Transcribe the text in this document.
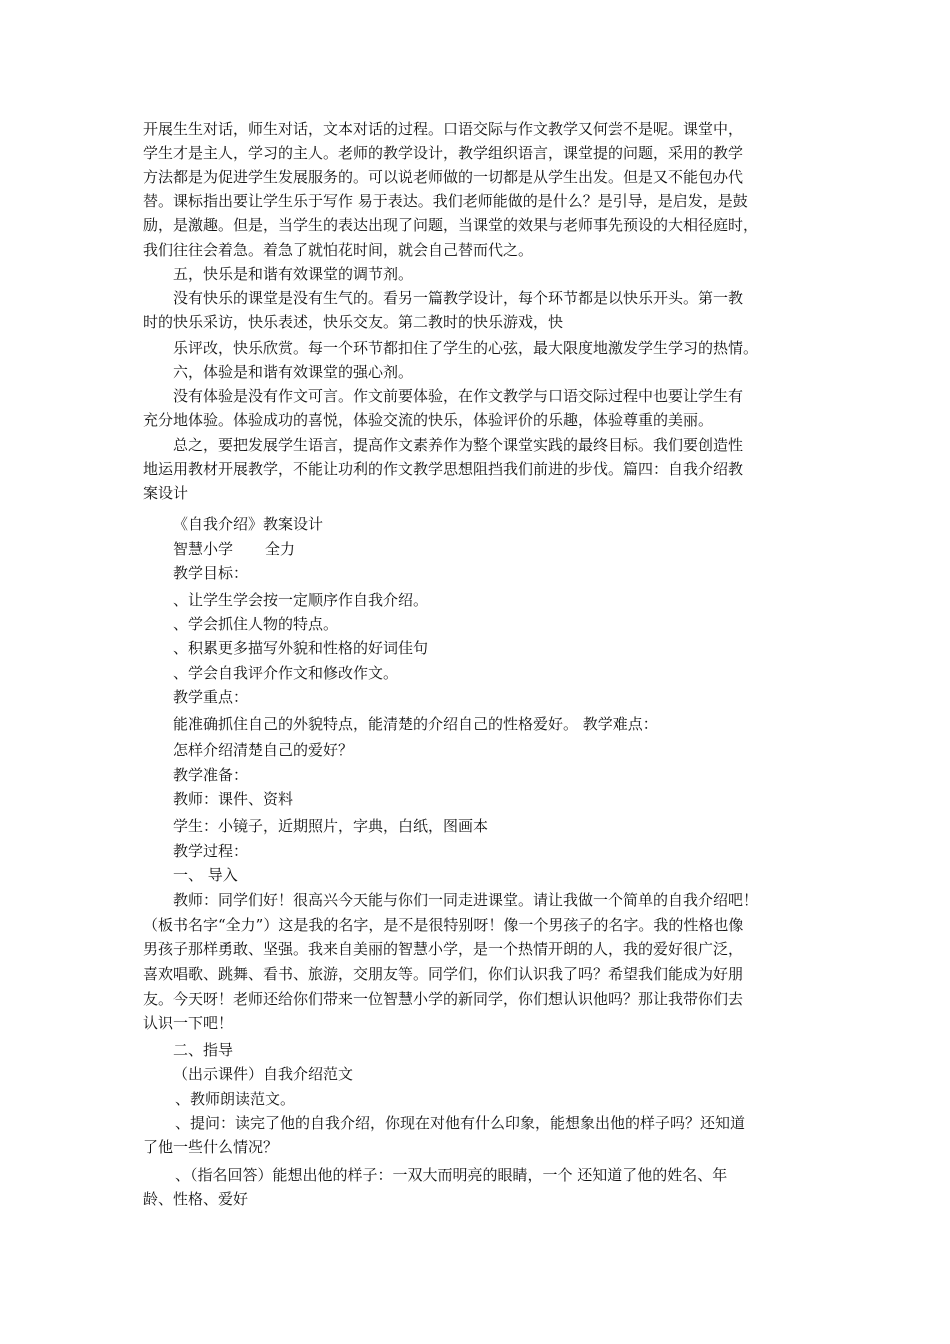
开展生生对话，师生对话，文本对话的过程。口语交际与作文教学又何尝不是呢。课堂中，
学生才是主人，学习的主人。老师的教学设计，教学组织语言，课堂提的问题，采用的教学
方法都是为促进学生发展服务的。可以说老师做的一切都是从学生出发。但是又不能包办代
替。课标指出要让学生乐于写作 易于表达。我们老师能做的是什么？是引导，是启发，是鼓
励，是激趣。但是，当学生的表达出现了问题，当课堂的效果与老师事先预设的大相径庭时，
我们往往会着急。着急了就怕花时间，就会自己替而代之。
五，快乐是和谐有效课堂的调节剂。
没有快乐的课堂是没有生气的。看另一篇教学设计，每个环节都是以快乐开头。第一教
时的快乐采访，快乐表述，快乐交友。第二教时的快乐游戏，快
乐评改，快乐欣赏。每一个环节都扣住了学生的心弦，最大限度地激发学生学习的热情。
六，体验是和谐有效课堂的强心剂。
没有体验是没有作文可言。作文前要体验，在作文教学与口语交际过程中也要让学生有
充分地体验。体验成功的喜悦，体验交流的快乐，体验评价的乐趣，体验尊重的美丽。
总之，要把发展学生语言，提高作文素养作为整个课堂实践的最终目标。我们要创造性
地运用教材开展教学，不能让功利的作文教学思想阻挡我们前进的步伐。篇四：自我介绍教
案设计
《自我介绍》教案设计
智慧小学 全力
教学目标：
、让学生学会按一定顺序作自我介绍。
、学会抓住人物的特点。
、积累更多描写外貌和性格的好词佳句
、学会自我评介作文和修改作文。
教学重点：
能准确抓住自己的外貌特点，能清楚的介绍自己的性格爱好。 教学难点：
怎样介绍清楚自己的爱好？
教学准备：
教师：课件、资料
学生：小镜子，近期照片，字典，白纸，图画本
教学过程：
一、 导入
教师：同学们好！很高兴今天能与你们一同走进课堂。请让我做一个简单的自我介绍吧！
（板书名字“全力”）这是我的名字，是不是很特别呀！像一个男孩子的名字。我的性格也像
男孩子那样勇敢、坚强。我来自美丽的智慧小学，是一个热情开朗的人，我的爱好很广泛，
喜欢唱歌、跳舞、看书、旅游，交朋友等。同学们，你们认识我了吗？希望我们能成为好朋
友。今天呀！老师还给你们带来一位智慧小学的新同学，你们想认识他吗？那让我带你们去
认识一下吧！
二、指导
（出示课件）自我介绍范文
、教师朗读范文。
、提问：读完了他的自我介绍，你现在对他有什么印象，能想象出他的样子吗？还知道
了他一些什么情况？
、（指名回答）能想出他的样子：一双大而明亮的眼睛，一个 还知道了他的姓名、年
龄、性格、爱好
